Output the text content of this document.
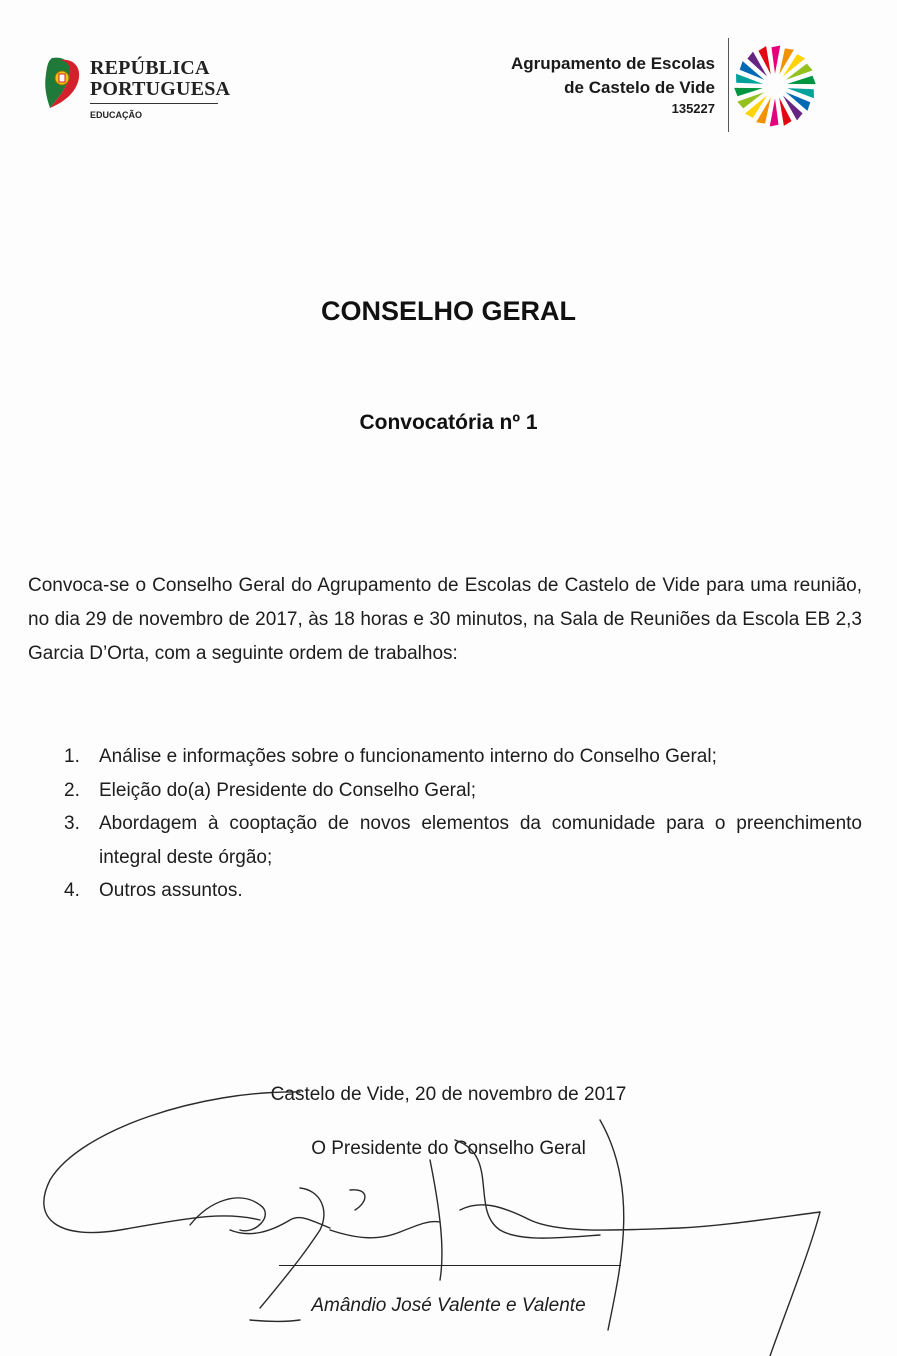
REPÚBLICA
PORTUGUESA
EDUCAÇÃO
Agrupamento de Escolas
de Castelo de Vide
135227
CONSELHO GERAL
Convocatória nº 1

Convoca-se o Conselho Geral do Agrupamento de Escolas de Castelo de Vide para uma reunião, no dia 29 de novembro de 2017, às 18 horas e 30 minutos, na Sala de Reuniões da Escola EB 2,3 Garcia D’Orta, com a seguinte ordem de trabalhos:

1. Análise e informações sobre o funcionamento interno do Conselho Geral;
2. Eleição do(a) Presidente do Conselho Geral;
3. Abordagem à cooptação de novos elementos da comunidade para o preenchimento integral deste órgão;
4. Outros assuntos.
Castelo de Vide, 20 de novembro de 2017
O Presidente do Conselho Geral
Amândio José Valente e Valente
